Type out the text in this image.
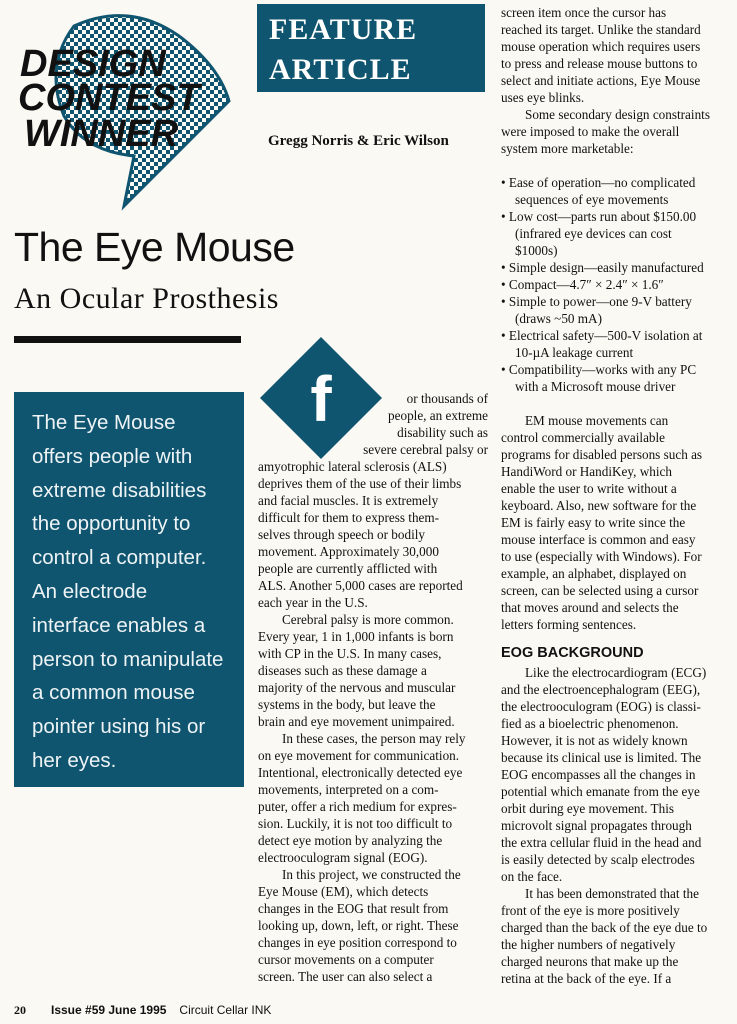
DESIGN
CONTEST
WINNER
FEATURE
ARTICLE
Gregg Norris & Eric Wilson
The Eye Mouse
An Ocular Prosthesis
The Eye Mouse
offers people with
extreme disabilities
the opportunity to
control a computer.
An electrode
interface enables a
person to manipulate
a common mouse
pointer using his or
her eyes.
f	or thousands of
people, an extreme
disability such as
severe cerebral palsy or
amyotrophic lateral sclerosis (ALS)
deprives them of the use of their limbs
and facial muscles. It is extremely
difficult for them to express them-
selves through speech or bodily
movement. Approximately 30,000
people are currently afflicted with
ALS. Another 5,000 cases are reported
each year in the U.S.
Cerebral palsy is more common.
Every year, 1 in 1,000 infants is born
with CP in the U.S. In many cases,
diseases such as these damage a
majority of the nervous and muscular
systems in the body, but leave the
brain and eye movement unimpaired.
In these cases, the person may rely
on eye movement for communication.
Intentional, electronically detected eye
movements, interpreted on a com-
puter, offer a rich medium for expres-
sion. Luckily, it is not too difficult to
detect eye motion by analyzing the
electrooculogram signal (EOG).
In this project, we constructed the
Eye Mouse (EM), which detects
changes in the EOG that result from
looking up, down, left, or right. These
changes in eye position correspond to
cursor movements on a computer
screen. The user can also select a
screen item once the cursor has
reached its target. Unlike the standard
mouse operation which requires users
to press and release mouse buttons to
select and initiate actions, Eye Mouse
uses eye blinks.
Some secondary design constraints
were imposed to make the overall
system more marketable:
• Ease of operation—no complicated
sequences of eye movements
• Low cost—parts run about $150.00
(infrared eye devices can cost
$1000s)
• Simple design—easily manufactured
• Compact—4.7″ × 2.4″ × 1.6″
• Simple to power—one 9-V battery
(draws ~50 mA)
• Electrical safety—500-V isolation at
10-µA leakage current
• Compatibility—works with any PC
with a Microsoft mouse driver
EM mouse movements can
control commercially available
programs for disabled persons such as
HandiWord or HandiKey, which
enable the user to write without a
keyboard. Also, new software for the
EM is fairly easy to write since the
mouse interface is common and easy
to use (especially with Windows). For
example, an alphabet, displayed on
screen, can be selected using a cursor
that moves around and selects the
letters forming sentences.
EOG BACKGROUND
Like the electrocardiogram (ECG)
and the electroencephalogram (EEG),
the electrooculogram (EOG) is classi-
fied as a bioelectric phenomenon.
However, it is not as widely known
because its clinical use is limited. The
EOG encompasses all the changes in
potential which emanate from the eye
orbit during eye movement. This
microvolt signal propagates through
the extra cellular fluid in the head and
is easily detected by scalp electrodes
on the face.
It has been demonstrated that the
front of the eye is more positively
charged than the back of the eye due to
the higher numbers of negatively
charged neurons that make up the
retina at the back of the eye. If a
20 Issue #59 June 1995 Circuit Cellar INK
